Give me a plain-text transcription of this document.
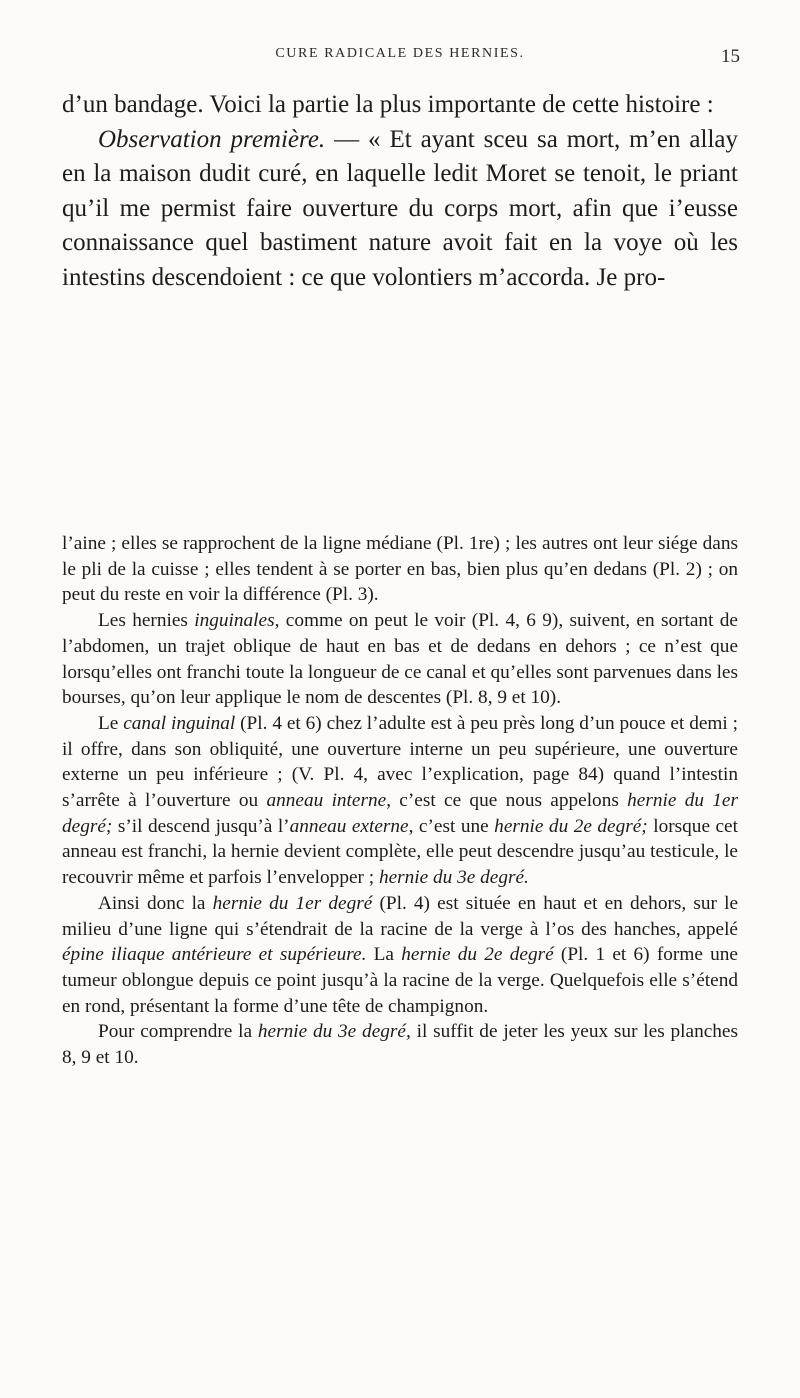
CURE RADICALE DES HERNIES.	15

d’un bandage. Voici la partie la plus importante de cette histoire :

Observation première. — « Et ayant sceu sa mort, m’en allay en la maison dudit curé, en laquelle ledit Moret se tenoit, le priant qu’il me permist faire ouverture du corps mort, afin que i’eusse connaissance quel bastiment nature avoit fait en la voye où les intestins descendoient : ce que volontiers m’accorda. Je pro-

l’aine ; elles se rapprochent de la ligne médiane (Pl. 1re) ; les autres ont leur siége dans le pli de la cuisse ; elles tendent à se porter en bas, bien plus qu’en dedans (Pl. 2) ; on peut du reste en voir la différence (Pl. 3).

Les hernies inguinales, comme on peut le voir (Pl. 4, 6 9), suivent, en sortant de l’abdomen, un trajet oblique de haut en bas et de dedans en dehors ; ce n’est que lorsqu’elles ont franchi toute la longueur de ce canal et qu’elles sont parvenues dans les bourses, qu’on leur applique le nom de descentes (Pl. 8, 9 et 10).

Le canal inguinal (Pl. 4 et 6) chez l’adulte est à peu près long d’un pouce et demi ; il offre, dans son obliquité, une ouverture interne un peu supérieure, une ouverture externe un peu inférieure ; (V. Pl. 4, avec l’explication, page 84) quand l’intestin s’arrête à l’ouverture ou anneau interne, c’est ce que nous appelons hernie du 1er degré; s’il descend jusqu’à l’anneau externe, c’est une hernie du 2e degré; lorsque cet anneau est franchi, la hernie devient complète, elle peut descendre jusqu’au testicule, le recouvrir même et parfois l’envelopper ; hernie du 3e degré.

Ainsi donc la hernie du 1er degré (Pl. 4) est située en haut et en dehors, sur le milieu d’une ligne qui s’étendrait de la racine de la verge à l’os des hanches, appelé épine iliaque antérieure et supérieure. La hernie du 2e degré (Pl. 1 et 6) forme une tumeur oblongue depuis ce point jusqu’à la racine de la verge. Quelquefois elle s’étend en rond, présentant la forme d’une tête de champignon.

Pour comprendre la hernie du 3e degré, il suffit de jeter les yeux sur les planches 8, 9 et 10.
